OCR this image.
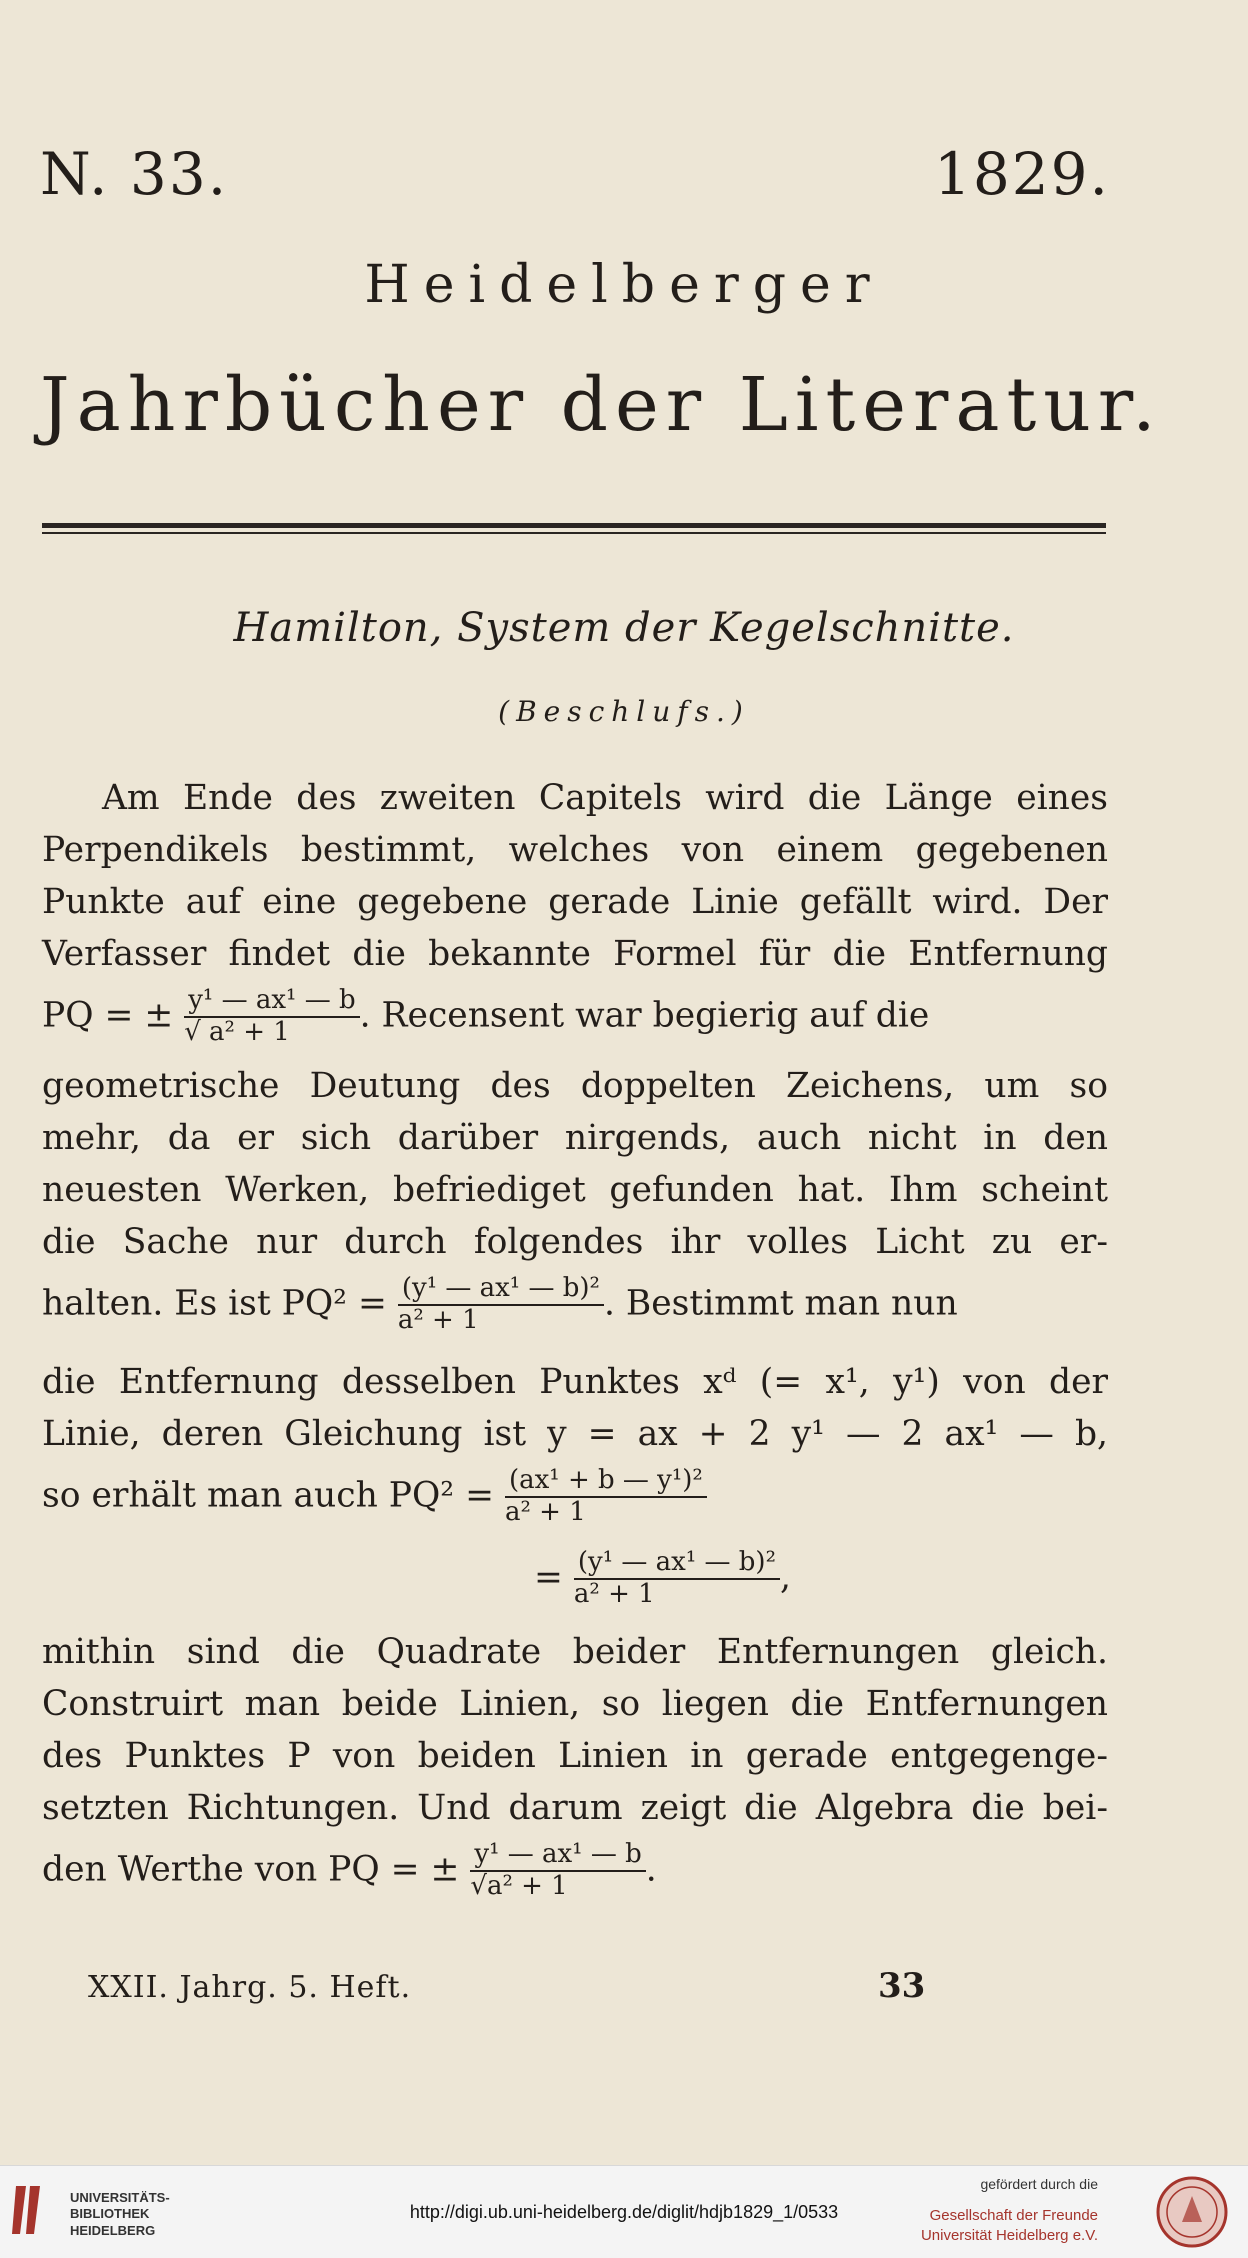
N. 33.	1829.
Heidelberger
Jahrbücher der Literatur.
Hamilton, System der Kegelschnitte.
(Beschlufs.)
Am Ende des zweiten Capitels wird die Länge eines
Perpendikels bestimmt, welches von einem gegebenen
Punkte auf eine gegebene gerade Linie gefällt wird. Der
Verfasser findet die bekannte Formel für die Entfernung
PQ = ± $\frac{\text{y¹ — ax¹ — b}}{\text{√ a² + 1}}$ . Recensent war begierig auf die
geometrische Deutung des doppelten Zeichens, um so
mehr, da er sich darüber nirgends, auch nicht in den
neuesten Werken, befriediget gefunden hat. Ihm scheint
die Sache nur durch folgendes ihr volles Licht zu er-
halten. Es ist $PQ^2 = \frac{\text{(y¹ — ax¹ — b)²}}{\text{a² + 1}}$ . Bestimmt man nun
die Entfernung desselben Punktes xᵈ (= x¹, y¹) von der
Linie, deren Gleichung ist y = ax + 2 y¹ — 2 ax¹ — b,
so erhält man auch $PQ^2 = \frac{\text{(ax¹ + b — y¹)²}}{\text{a² + 1}}$
= $\frac{\text{(y¹ — ax¹ — b)²}}{\text{a² + 1}}$ ,
mithin sind die Quadrate beider Entfernungen gleich.
Construirt man beide Linien, so liegen die Entfernungen
des Punktes P von beiden Linien in gerade entgegenge-
setzten Richtungen. Und darum zeigt die Algebra die bei-
den Werthe von PQ = ± $\frac{\text{y¹ — ax¹ — b}}{\text{√a² + 1}}$ .
XXII. Jahrg. 5. Heft.	33
UNIVERSITÄTS-
BIBLIOTHEK
HEIDELBERG
http://digi.ub.uni-heidelberg.de/diglit/hdjb1829_1/0533
gefördert durch die
Gesellschaft der Freunde
Universität Heidelberg e.V.
